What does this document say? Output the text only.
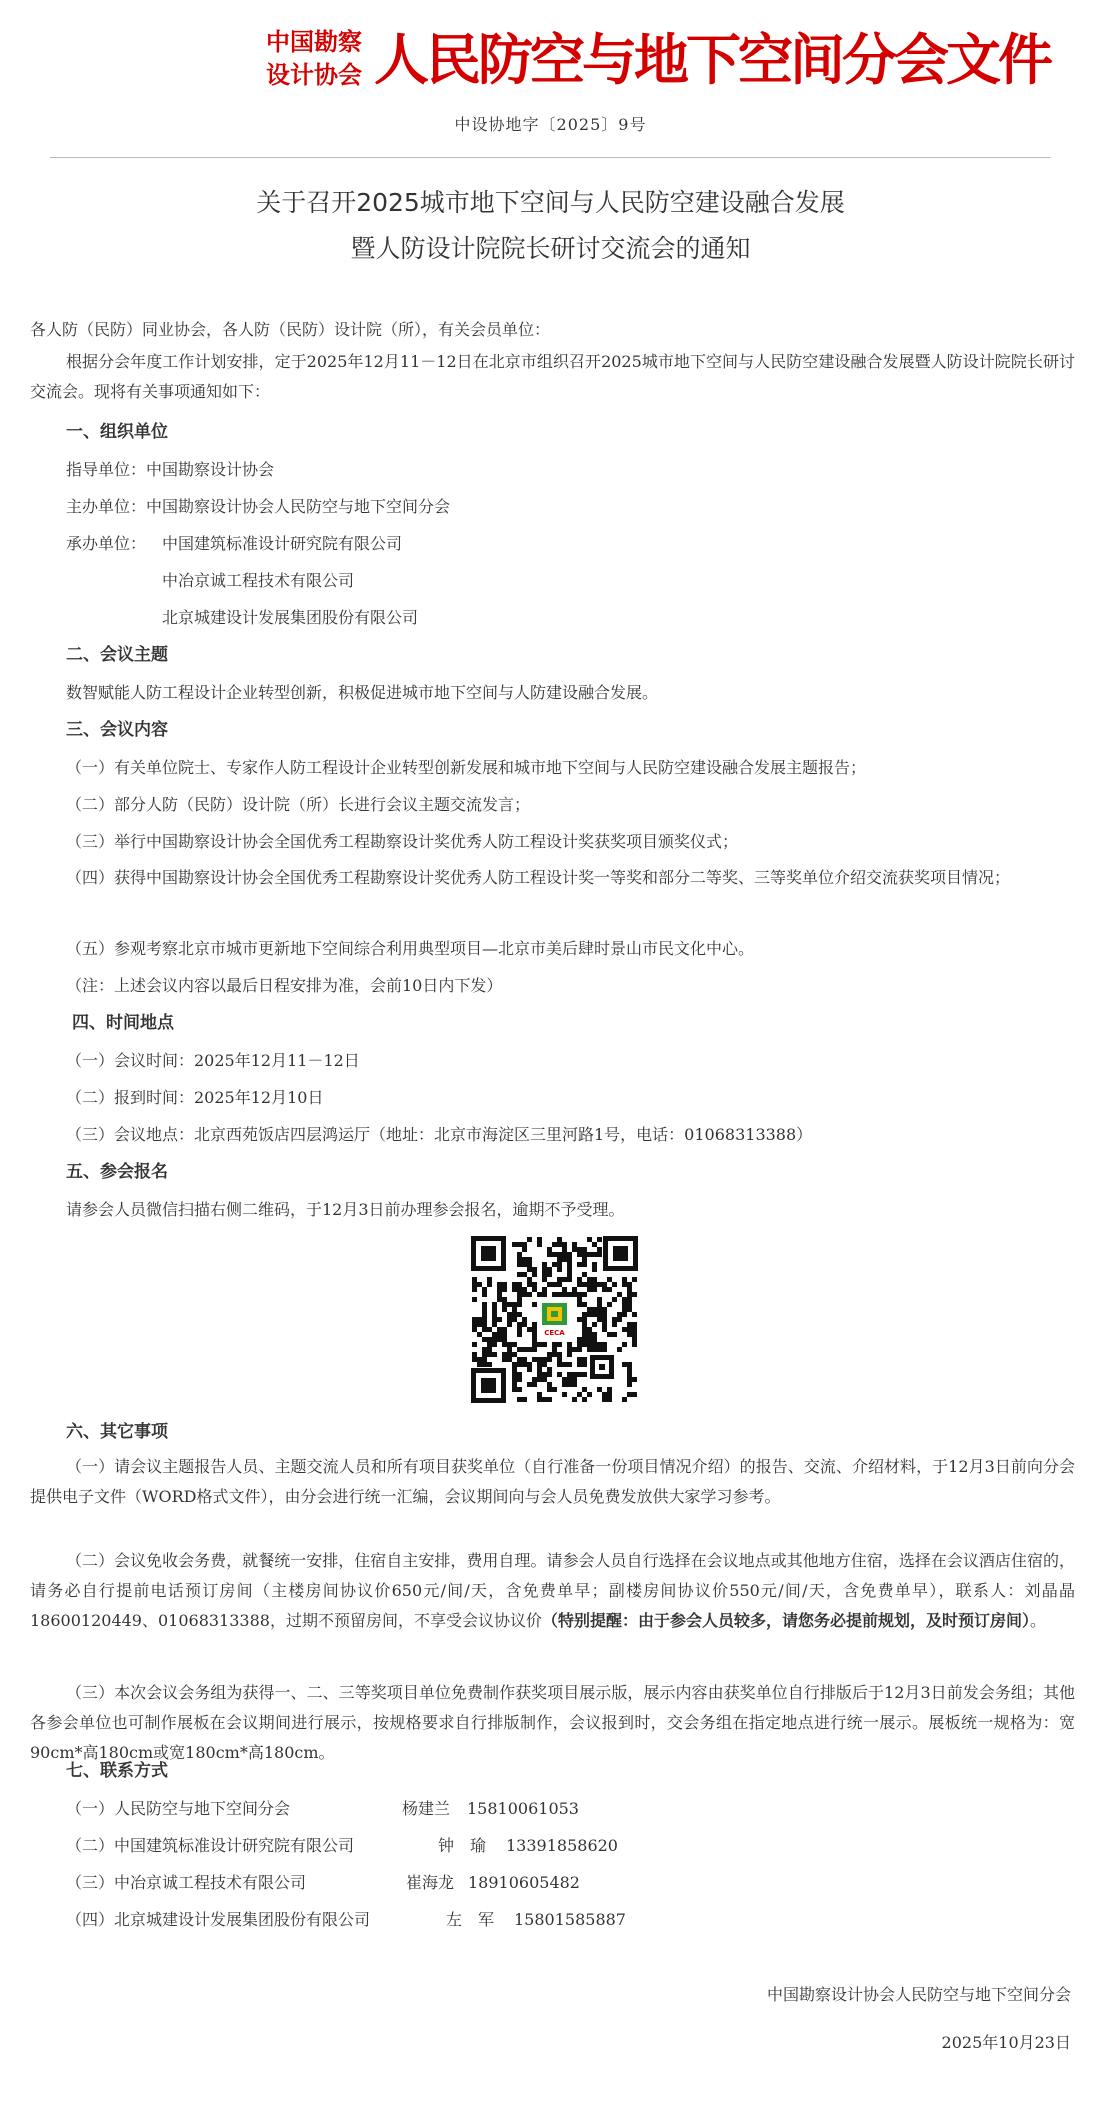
中国勘察
设计协会 人民防空与地下空间分会文件
中设协地字〔2025〕9号
关于召开2025城市地下空间与人民防空建设融合发展
暨人防设计院院长研讨交流会的通知
各人防（民防）同业协会，各人防（民防）设计院（所），有关会员单位：
根据分会年度工作计划安排，定于2025年12月11－12日在北京市组织召开2025城市地下空间与人民防空建设融合发展暨人防设计院院长研讨交流会。现将有关事项通知如下：
一、组织单位
指导单位：中国勘察设计协会
主办单位：中国勘察设计协会人民防空与地下空间分会
承办单位： 中国建筑标准设计研究院有限公司
中冶京诚工程技术有限公司
北京城建设计发展集团股份有限公司
二、会议主题
数智赋能人防工程设计企业转型创新，积极促进城市地下空间与人防建设融合发展。
三、会议内容
（一）有关单位院士、专家作人防工程设计企业转型创新发展和城市地下空间与人民防空建设融合发展主题报告；
（二）部分人防（民防）设计院（所）长进行会议主题交流发言；
（三）举行中国勘察设计协会全国优秀工程勘察设计奖优秀人防工程设计奖获奖项目颁奖仪式；
（四）获得中国勘察设计协会全国优秀工程勘察设计奖优秀人防工程设计奖一等奖和部分二等奖、三等奖单位介绍交流获奖项目情况；
（五）参观考察北京市城市更新地下空间综合利用典型项目—北京市美后肆时景山市民文化中心。
（注：上述会议内容以最后日程安排为准，会前10日内下发）
四、时间地点
（一）会议时间：2025年12月11－12日
（二）报到时间：2025年12月10日
（三）会议地点：北京西苑饭店四层鸿运厅（地址：北京市海淀区三里河路1号，电话：01068313388）
五、参会报名
请参会人员微信扫描右侧二维码，于12月3日前办理参会报名，逾期不予受理。
CECA
六、其它事项
（一）请会议主题报告人员、主题交流人员和所有项目获奖单位（自行准备一份项目情况介绍）的报告、交流、介绍材料，于12月3日前向分会提供电子文件（WORD格式文件），由分会进行统一汇编，会议期间向与会人员免费发放供大家学习参考。
（二）会议免收会务费，就餐统一安排，住宿自主安排，费用自理。请参会人员自行选择在会议地点或其他地方住宿，选择在会议酒店住宿的，请务必自行提前电话预订房间（主楼房间协议价650元/间/天，含免费单早；副楼房间协议价550元/间/天，含免费单早），联系人：刘晶晶18600120449、01068313388，过期不预留房间，不享受会议协议价（特别提醒：由于参会人员较多，请您务必提前规划，及时预订房间）。
（三）本次会议会务组为获得一、二、三等奖项目单位免费制作获奖项目展示版，展示内容由获奖单位自行排版后于12月3日前发会务组；其他各参会单位也可制作展板在会议期间进行展示，按规格要求自行排版制作，会议报到时，交会务组在指定地点进行统一展示。展板统一规格为：宽90cm*高180cm或宽180cm*高180cm。
七、联系方式
（一）人民防空与地下空间分会	杨建兰 15810061053
（二）中国建筑标准设计研究院有限公司	钟　瑜 13391858620
（三）中冶京诚工程技术有限公司	崔海龙 18910605482
（四）北京城建设计发展集团股份有限公司	左　军 15801585887
中国勘察设计协会人民防空与地下空间分会
2025年10月23日
